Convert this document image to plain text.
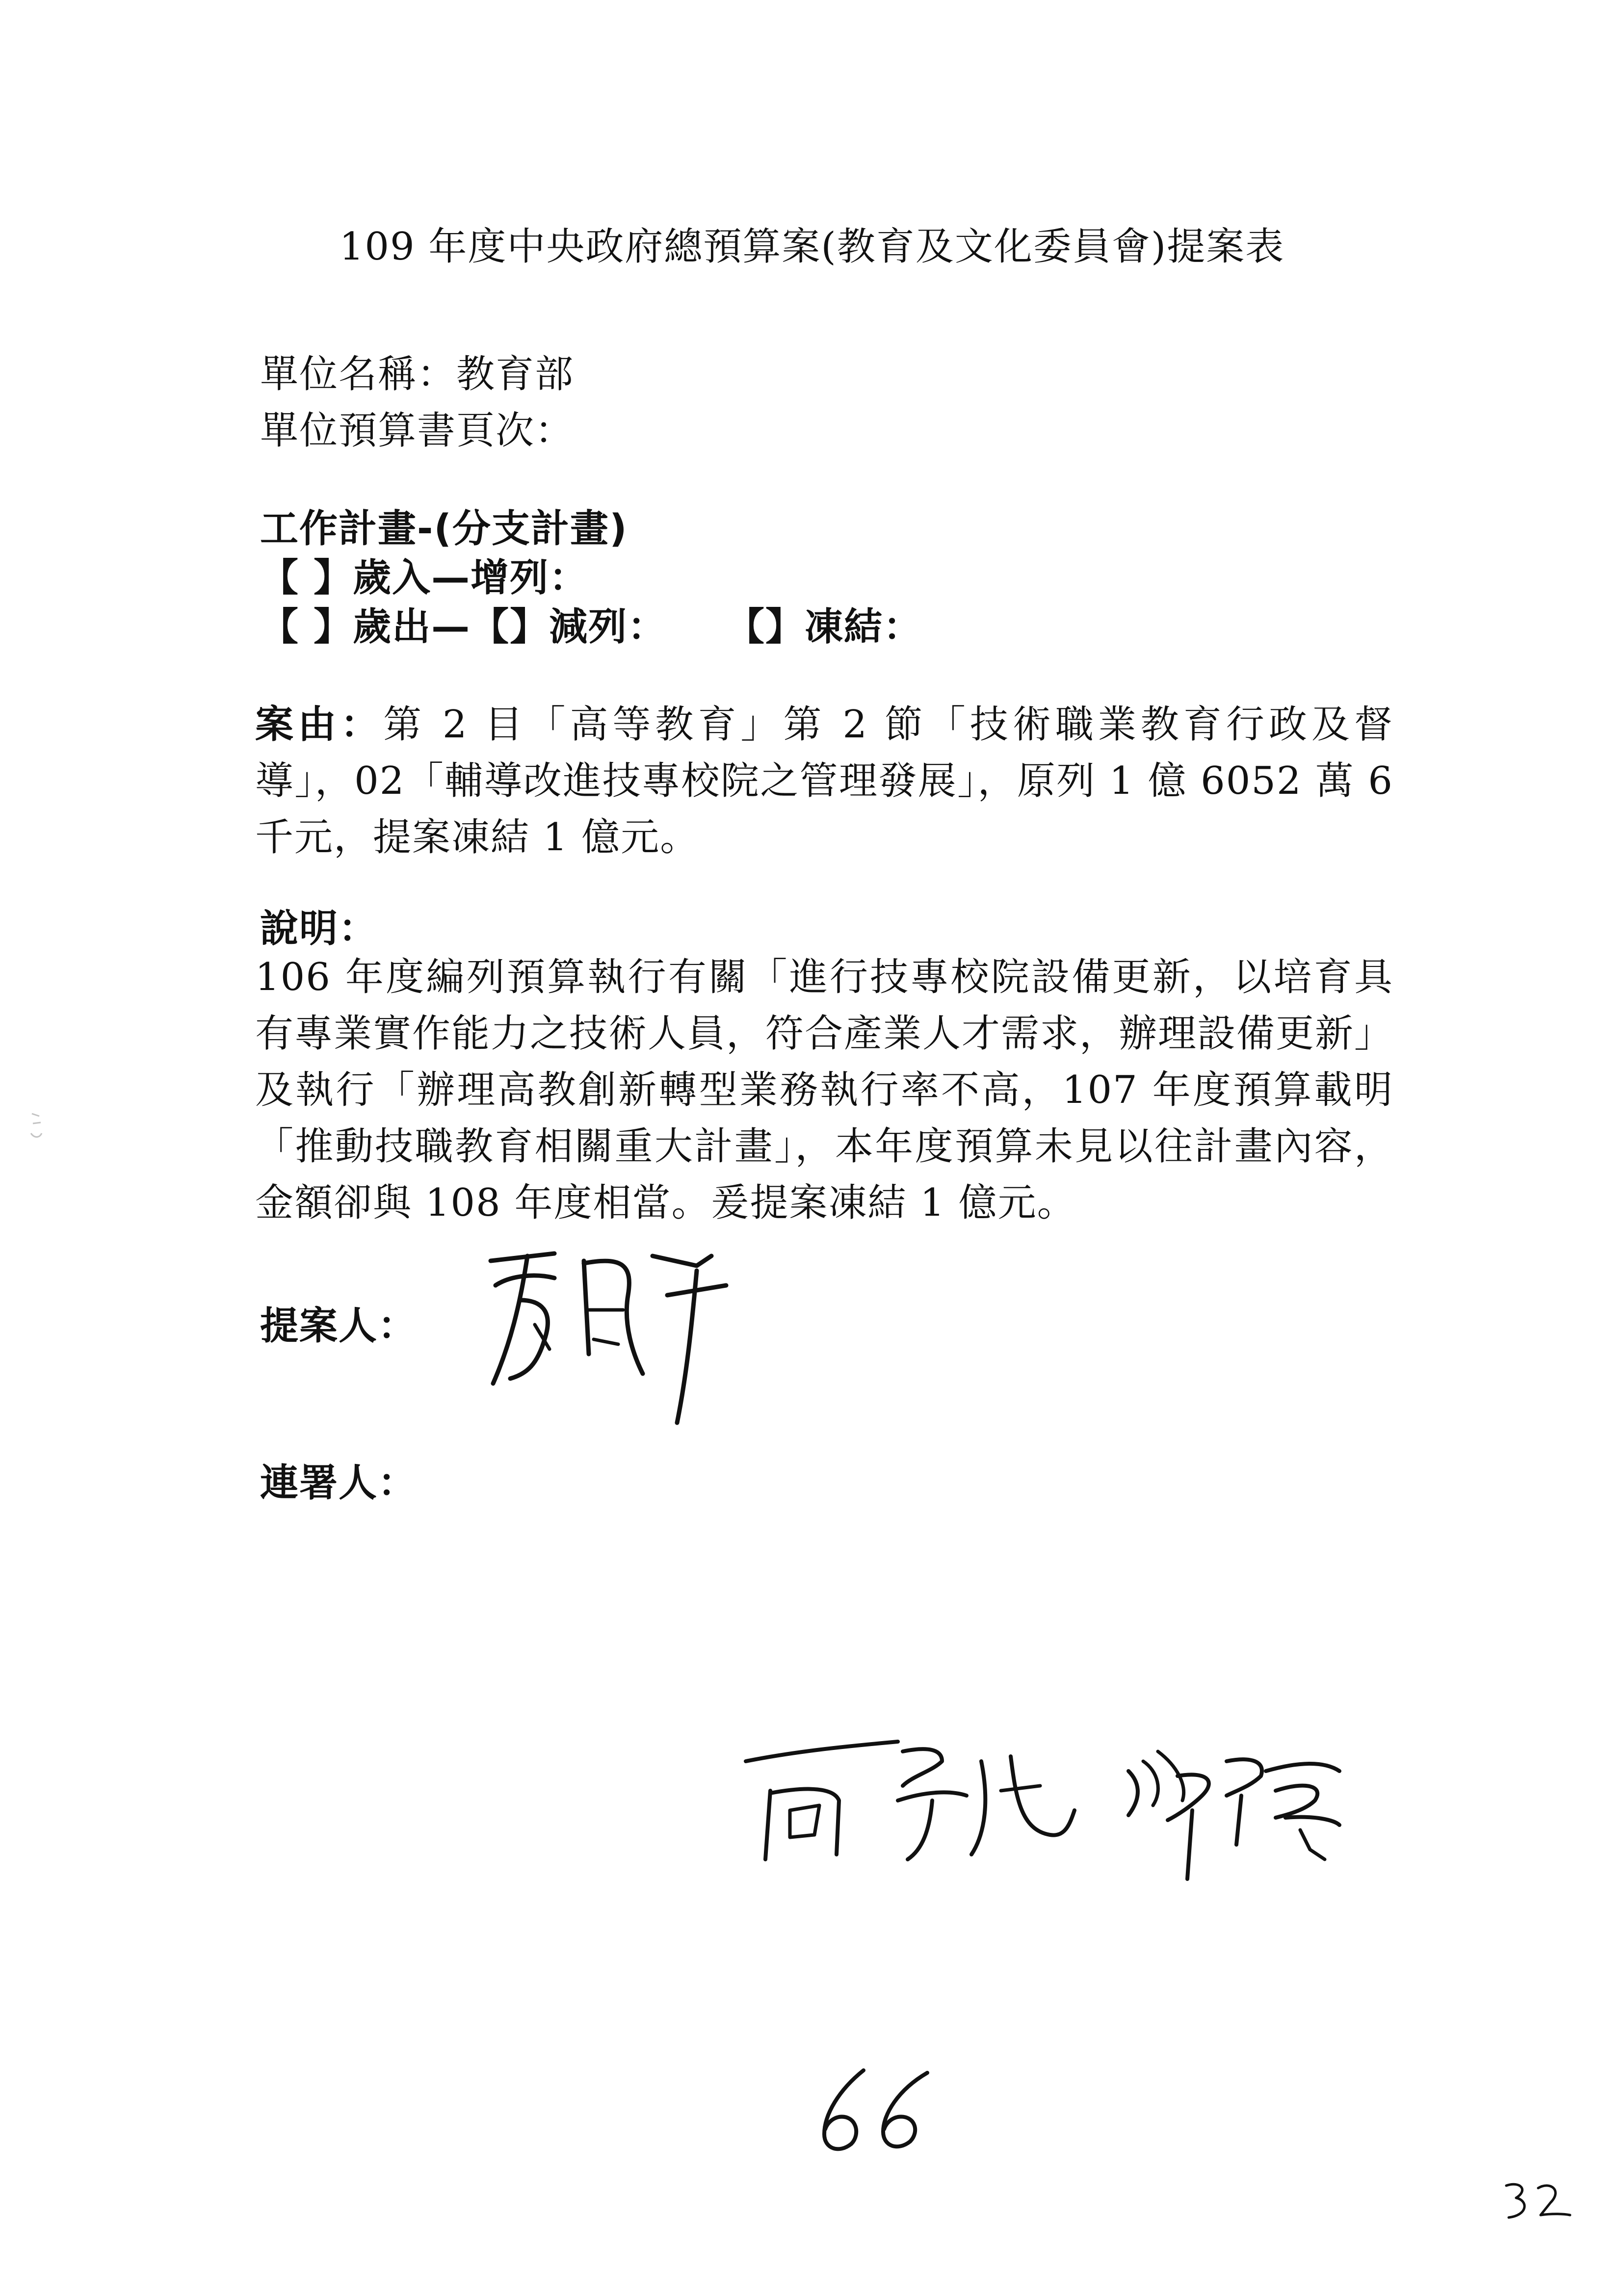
109 年度中央政府總預算案(教育及文化委員會)提案表
單位名稱：教育部
單位預算書頁次：
工作計畫-(分支計畫)
【 】歲入—增列：
【 】歲出—【】減列： 【】凍結：
案由：第 2 目「高等教育」第 2 節「技術職業教育行政及督導」，02「輔導改進技專校院之管理發展」，原列 1 億 6052 萬 6 千元，提案凍結 1 億元。
說明：
106 年度編列預算執行有關「進行技專校院設備更新，以培育具有專業實作能力之技術人員，符合產業人才需求，辦理設備更新」及執行「辦理高教創新轉型業務執行率不高，107 年度預算載明「推動技職教育相關重大計畫」，本年度預算未見以往計畫內容，金額卻與 108 年度相當。爰提案凍結 1 億元。
提案人：
連署人：
